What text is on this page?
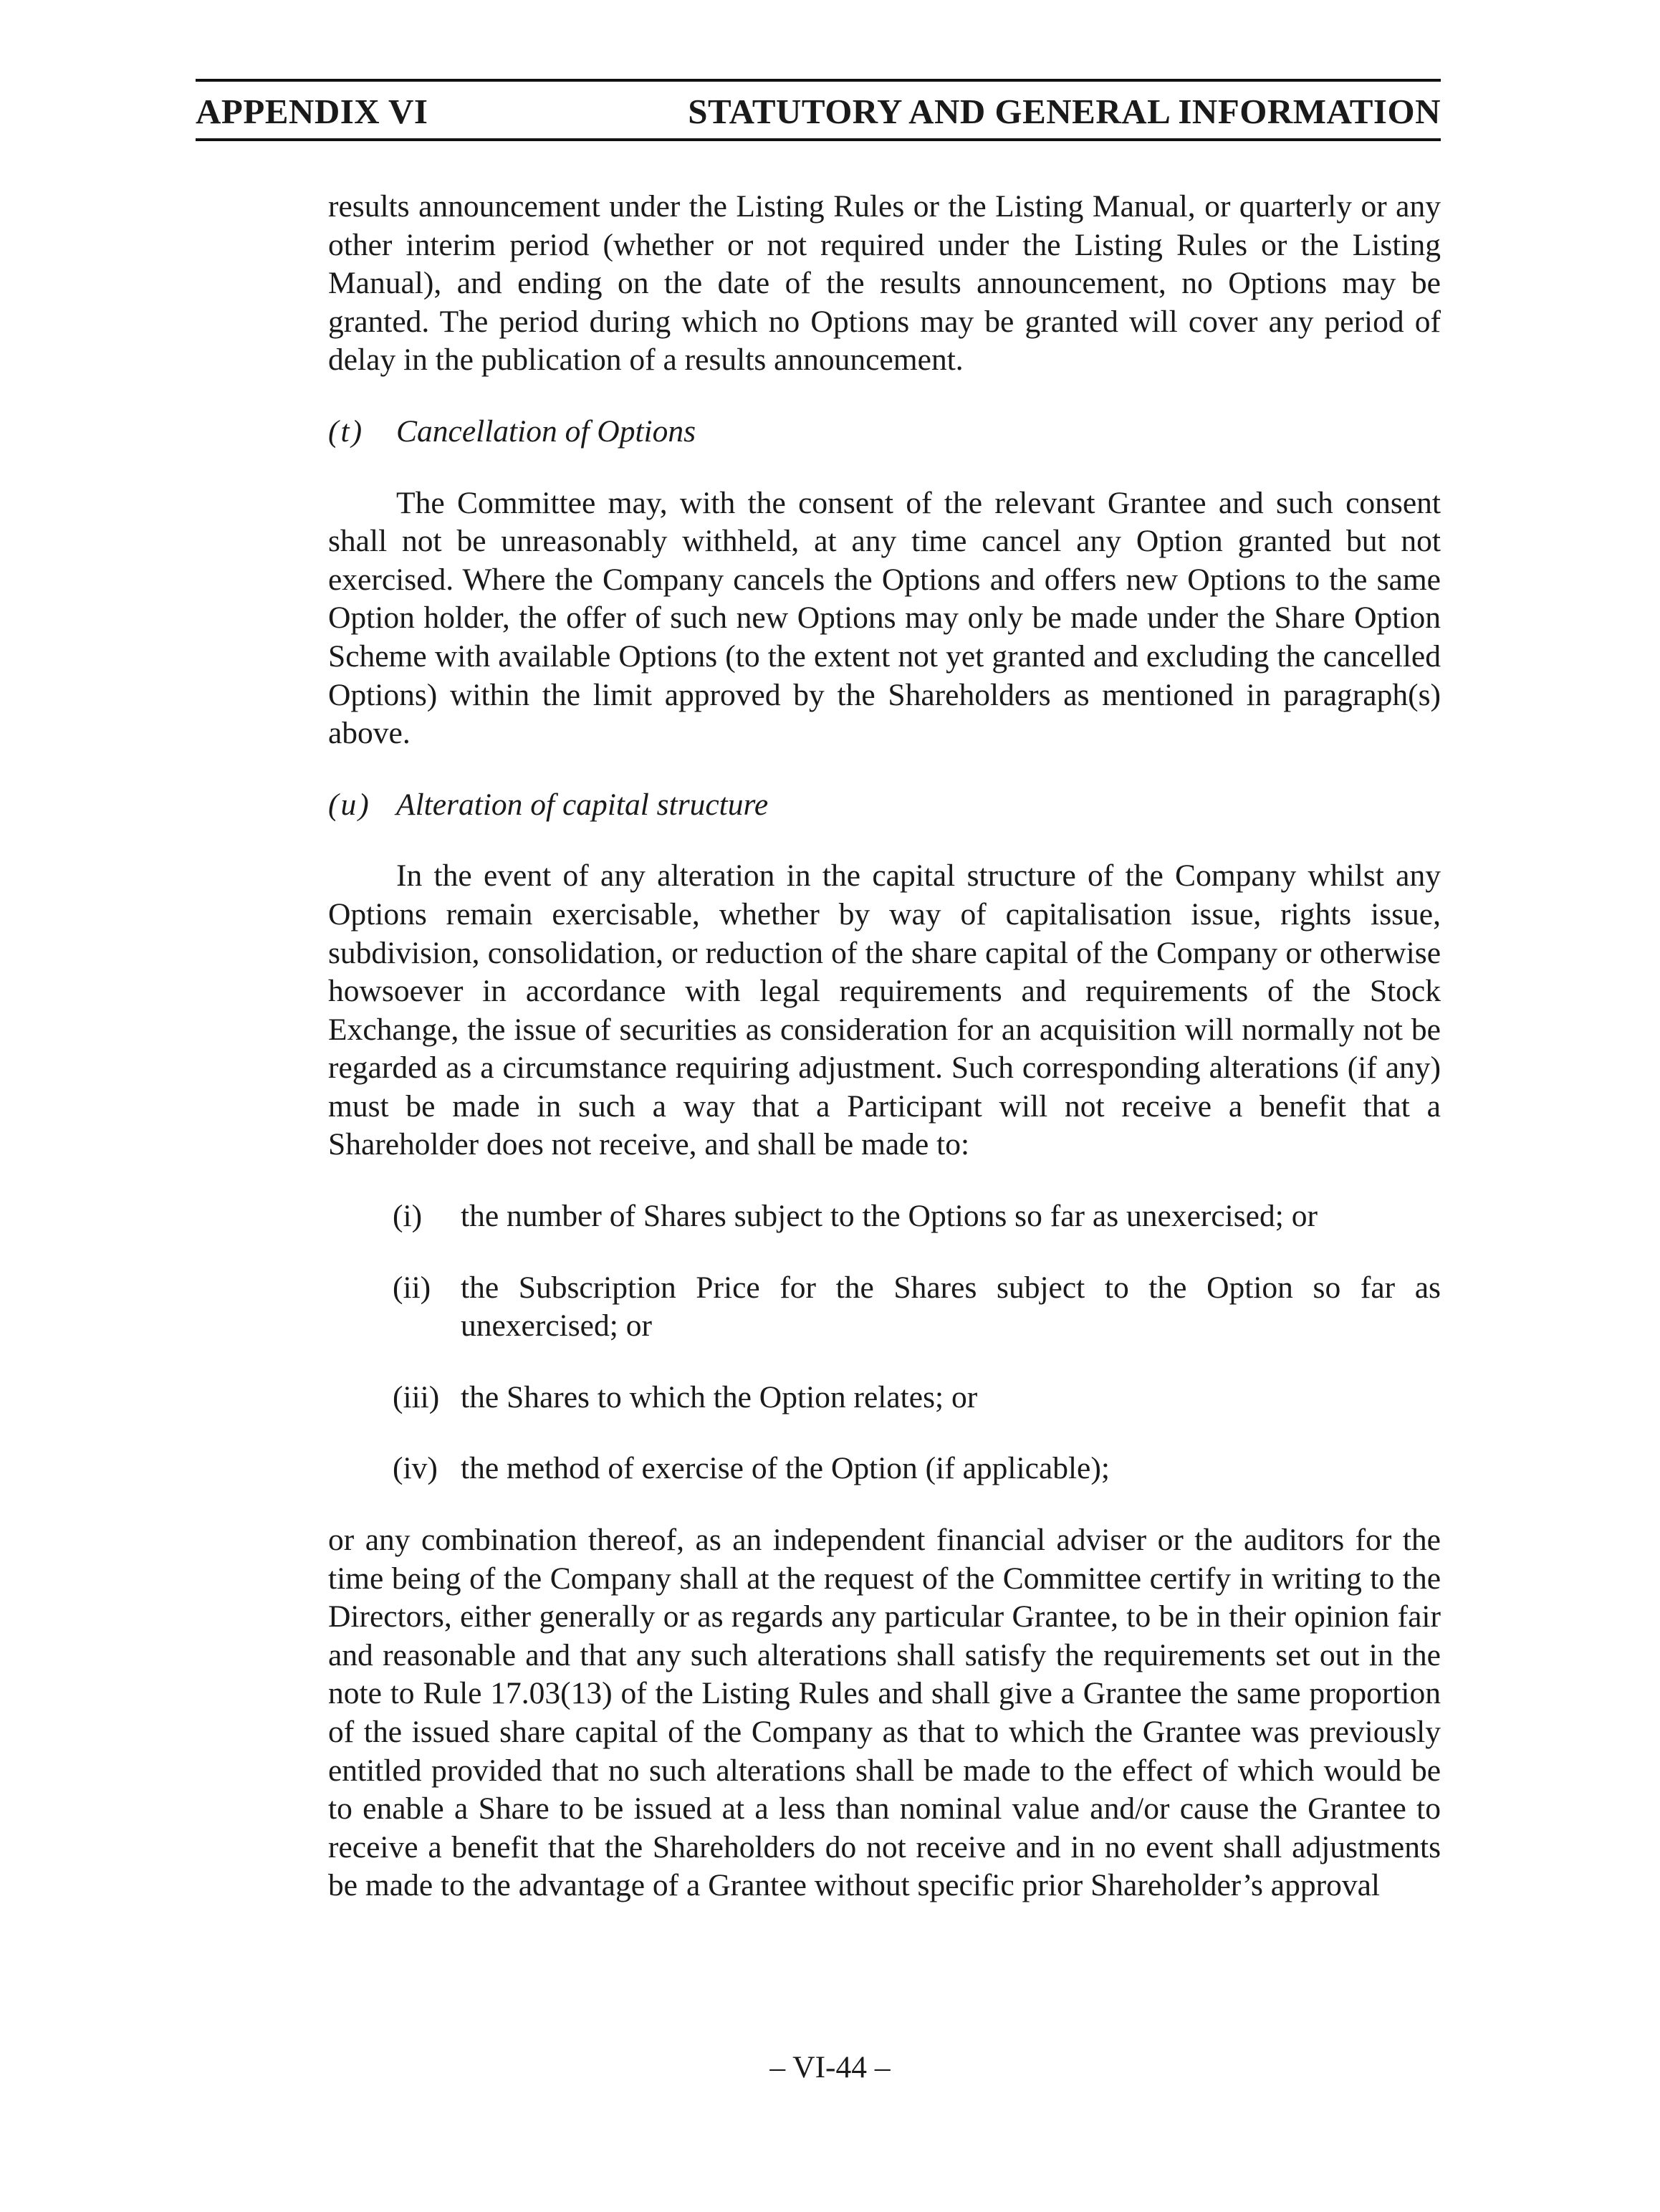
APPENDIX VI	STATUTORY AND GENERAL INFORMATION

results announcement under the Listing Rules or the Listing Manual, or quarterly or any other interim period (whether or not required under the Listing Rules or the Listing Manual), and ending on the date of the results announcement, no Options may be granted. The period during which no Options may be granted will cover any period of delay in the publication of a results announcement.

(t)	Cancellation of Options

The Committee may, with the consent of the relevant Grantee and such consent shall not be unreasonably withheld, at any time cancel any Option granted but not exercised. Where the Company cancels the Options and offers new Options to the same Option holder, the offer of such new Options may only be made under the Share Option Scheme with available Options (to the extent not yet granted and excluding the cancelled Options) within the limit approved by the Shareholders as mentioned in paragraph(s) above.

(u) Alteration of capital structure

In the event of any alteration in the capital structure of the Company whilst any Options remain exercisable, whether by way of capitalisation issue, rights issue, subdivision, consolidation, or reduction of the share capital of the Company or otherwise howsoever in accordance with legal requirements and requirements of the Stock Exchange, the issue of securities as consideration for an acquisition will normally not be regarded as a circumstance requiring adjustment. Such corresponding alterations (if any) must be made in such a way that a Participant will not receive a benefit that a Shareholder does not receive, and shall be made to:

(i)	the number of Shares subject to the Options so far as unexercised; or
(ii) the Subscription Price for the Shares subject to the Option so far as unexercised; or
(iii) the Shares to which the Option relates; or
(iv) the method of exercise of the Option (if applicable);

or any combination thereof, as an independent financial adviser or the auditors for the time being of the Company shall at the request of the Committee certify in writing to the Directors, either generally or as regards any particular Grantee, to be in their opinion fair and reasonable and that any such alterations shall satisfy the requirements set out in the note to Rule 17.03(13) of the Listing Rules and shall give a Grantee the same proportion of the issued share capital of the Company as that to which the Grantee was previously entitled provided that no such alterations shall be made to the effect of which would be to enable a Share to be issued at a less than nominal value and/or cause the Grantee to receive a benefit that the Shareholders do not receive and in no event shall adjustments be made to the advantage of a Grantee without specific prior Shareholder’s approval

– VI-44 –
